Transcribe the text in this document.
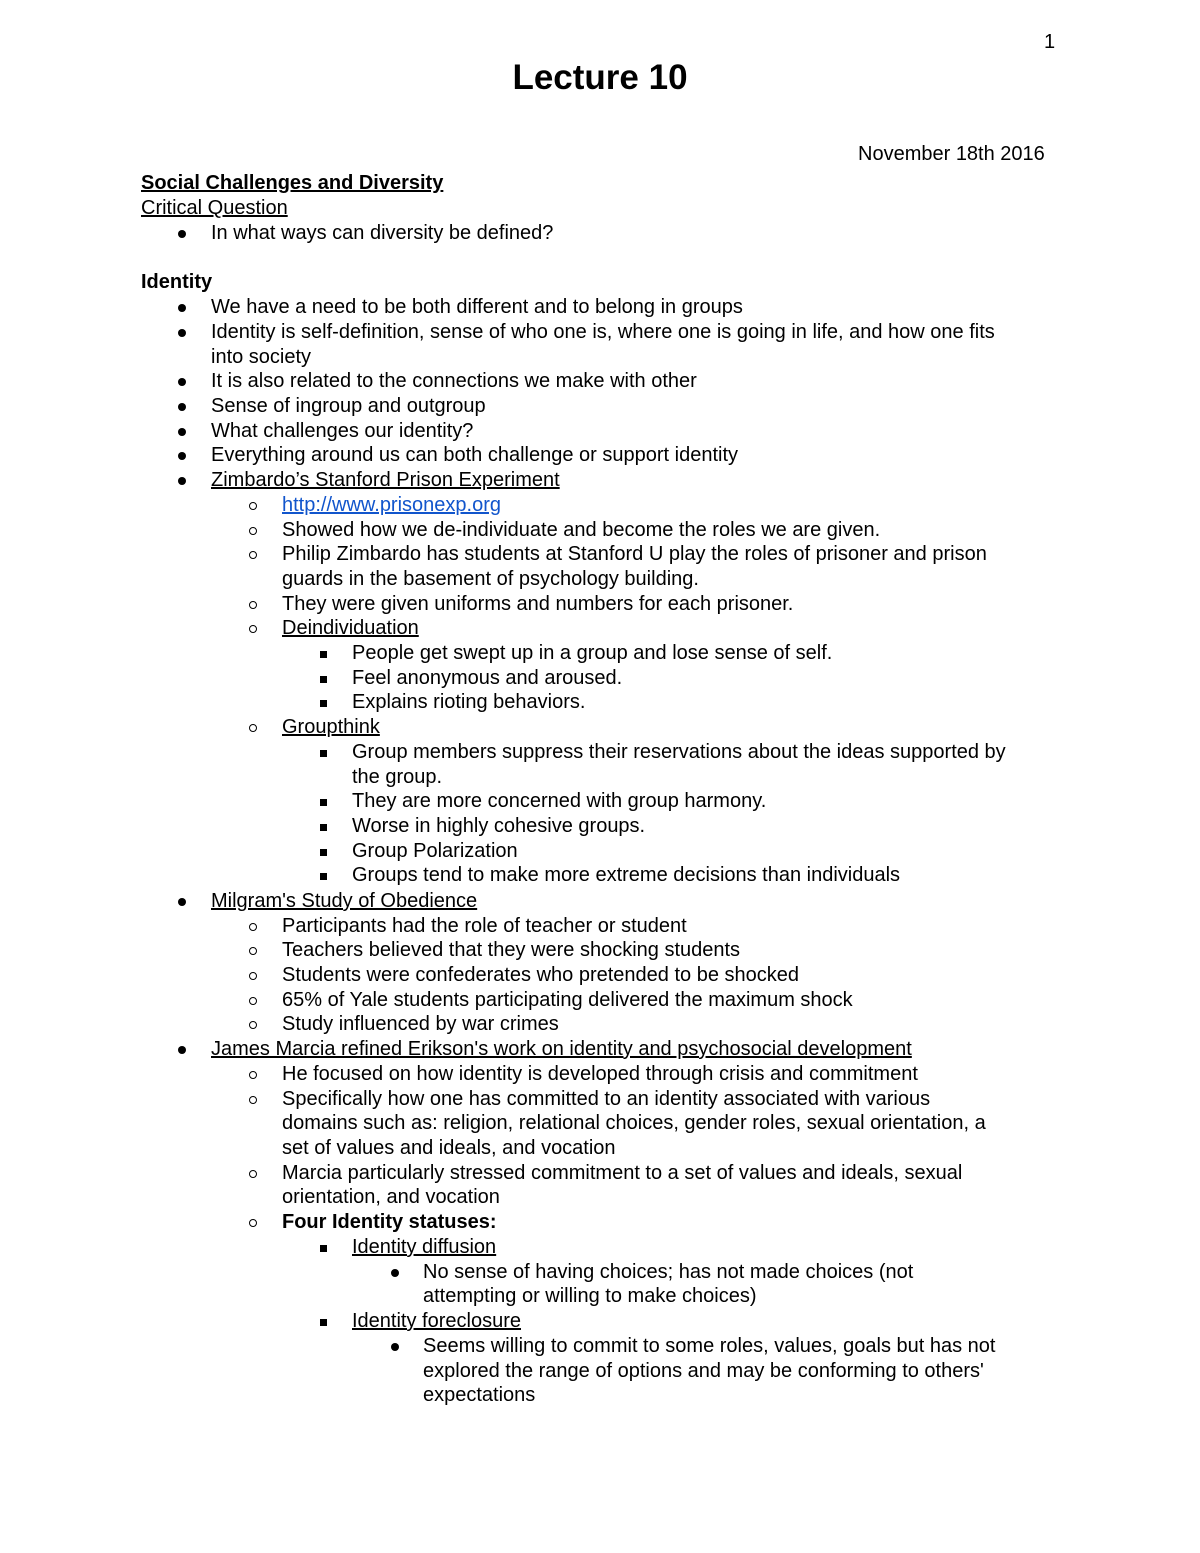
1
Lecture 10
November 18th 2016
Social Challenges and Diversity
Critical Question
In what ways can diversity be defined?
Identity
We have a need to be both different and to belong in groups
Identity is self-definition, sense of who one is, where one is going in life, and how one fits
into society
It is also related to the connections we make with other
Sense of ingroup and outgroup
What challenges our identity?
Everything around us can both challenge or support identity
Zimbardo’s Stanford Prison Experiment
http://www.prisonexp.org
Showed how we de-individuate and become the roles we are given.
Philip Zimbardo has students at Stanford U play the roles of prisoner and prison
guards in the basement of psychology building.
They were given uniforms and numbers for each prisoner.
Deindividuation
People get swept up in a group and lose sense of self.
Feel anonymous and aroused.
Explains rioting behaviors.
Groupthink
Group members suppress their reservations about the ideas supported by
the group.
They are more concerned with group harmony.
Worse in highly cohesive groups.
Group Polarization
Groups tend to make more extreme decisions than individuals
Milgram's Study of Obedience
Participants had the role of teacher or student
Teachers believed that they were shocking students
Students were confederates who pretended to be shocked
65% of Yale students participating delivered the maximum shock
Study influenced by war crimes
James Marcia refined Erikson's work on identity and psychosocial development
He focused on how identity is developed through crisis and commitment
Specifically how one has committed to an identity associated with various
domains such as: religion, relational choices, gender roles, sexual orientation, a
set of values and ideals, and vocation
Marcia particularly stressed commitment to a set of values and ideals, sexual
orientation, and vocation
Four Identity statuses:
Identity diffusion
No sense of having choices; has not made choices (not
attempting or willing to make choices)
Identity foreclosure
Seems willing to commit to some roles, values, goals but has not
explored the range of options and may be conforming to others'
expectations
